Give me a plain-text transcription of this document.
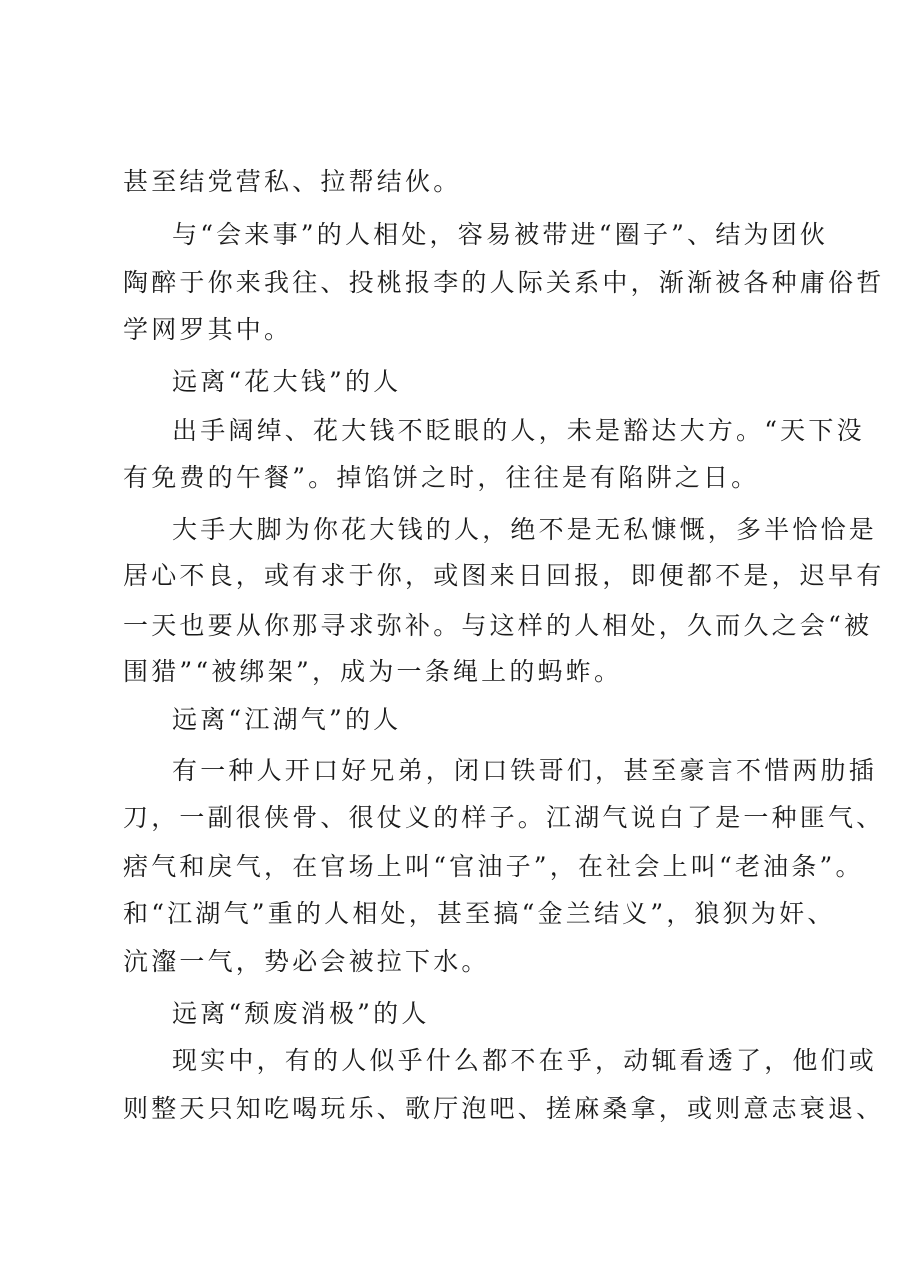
甚至结党营私、拉帮结伙。
与“会来事”的人相处，容易被带进“圈子”、结为团伙
陶醉于你来我往、投桃报李的人际关系中，渐渐被各种庸俗哲
学网罗其中。
远离“花大钱”的人
出手阔绰、花大钱不眨眼的人，未是豁达大方。“天下没
有免费的午餐”。掉馅饼之时，往往是有陷阱之日。
大手大脚为你花大钱的人，绝不是无私慷慨，多半恰恰是
居心不良，或有求于你，或图来日回报，即便都不是，迟早有
一天也要从你那寻求弥补。与这样的人相处，久而久之会“被
围猎”“被绑架”，成为一条绳上的蚂蚱。
远离“江湖气”的人
有一种人开口好兄弟，闭口铁哥们，甚至豪言不惜两肋插
刀，一副很侠骨、很仗义的样子。江湖气说白了是一种匪气、
痞气和戾气，在官场上叫“官油子”，在社会上叫“老油条”。
和“江湖气”重的人相处，甚至搞“金兰结义”，狼狈为奸、
沆瀣一气，势必会被拉下水。
远离“颓废消极”的人
现实中，有的人似乎什么都不在乎，动辄看透了，他们或
则整天只知吃喝玩乐、歌厅泡吧、搓麻桑拿，或则意志衰退、
